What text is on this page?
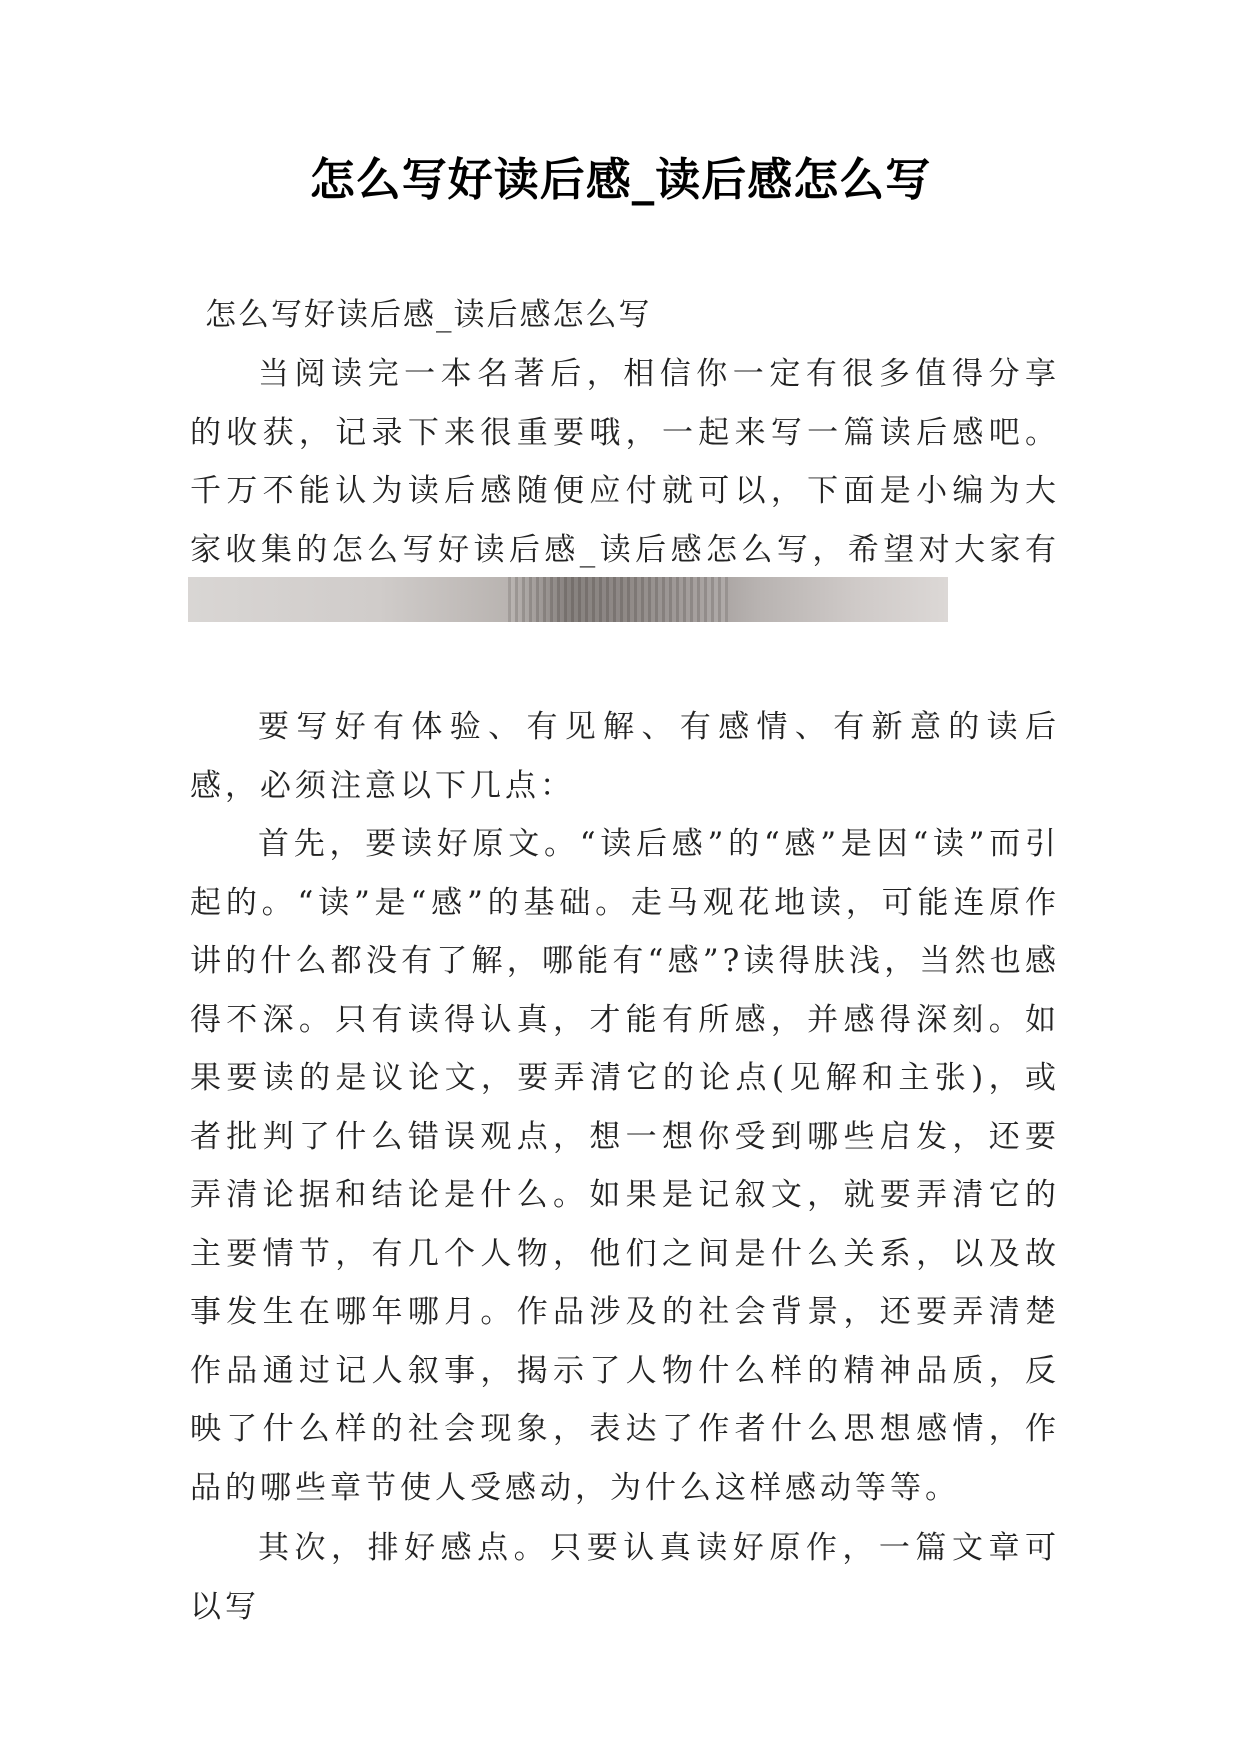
怎么写好读后感_读后感怎么写
怎么写好读后感_读后感怎么写
当阅读完一本名著后，相信你一定有很多值得分享的收获，记录下来很重要哦，一起来写一篇读后感吧。千万不能认为读后感随便应付就可以，下面是小编为大家收集的怎么写好读后感_读后感怎么写，希望对大家有
要写好有体验、有见解、有感情、有新意的读后感，必须注意以下几点：
首先，要读好原文。“读后感”的“感”是因“读”而引起的。“读”是“感”的基础。走马观花地读，可能连原作讲的什么都没有了解，哪能有“感”?读得肤浅，当然也感得不深。只有读得认真，才能有所感，并感得深刻。如果要读的是议论文，要弄清它的论点(见解和主张)，或者批判了什么错误观点，想一想你受到哪些启发，还要弄清论据和结论是什么。如果是记叙文，就要弄清它的主要情节，有几个人物，他们之间是什么关系，以及故事发生在哪年哪月。作品涉及的社会背景，还要弄清楚作品通过记人叙事，揭示了人物什么样的精神品质，反映了什么样的社会现象，表达了作者什么思想感情，作品的哪些章节使人受感动，为什么这样感动等等。
其次，排好感点。只要认真读好原作，一篇文章可以写
